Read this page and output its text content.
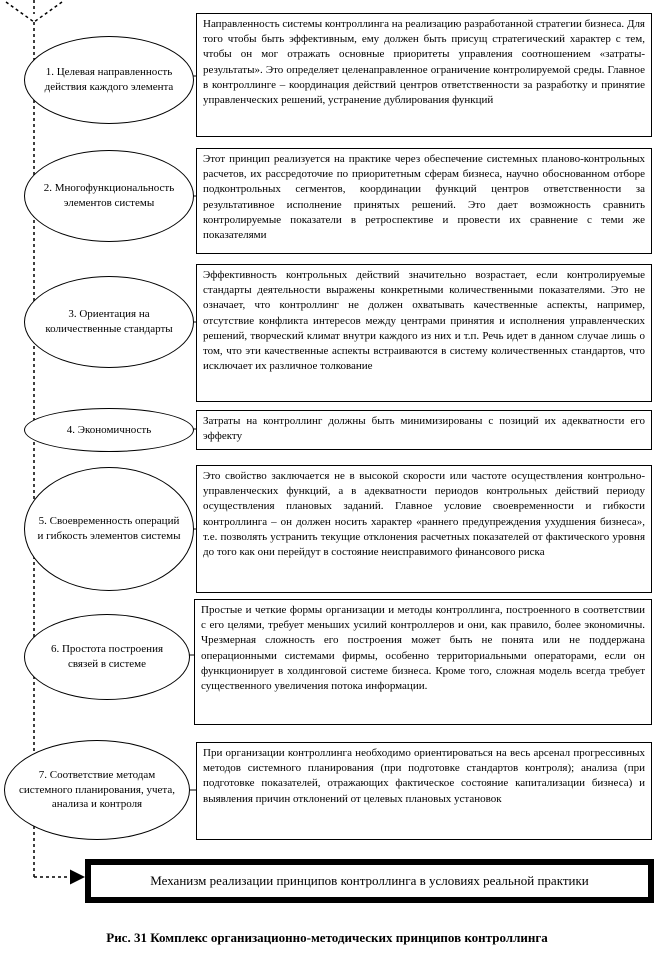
1. Целевая направленность действия каждого элемента
Направленность системы контроллинга на реализацию разработанной стратегии бизнеса. Для того чтобы быть эффективным, ему должен быть присущ стратегический характер с тем, чтобы он мог отражать основные приоритеты управления соотношением «затраты-результаты». Это определяет целенаправленное ограничение контролируемой среды. Главное в контроллинге – координация действий центров ответственности за разработку и принятие управленческих решений, устранение дублирования функций
2. Многофункциональность элементов системы
Этот принцип реализуется на практике через обеспечение системных планово-контрольных расчетов, их рассредоточие по приоритетным сферам бизнеса, научно обоснованном отборе подконтрольных сегментов, координации функций центров ответственности за результативное исполнение принятых решений. Это дает возможность сравнить контролируемые показатели в ретроспективе и провести их сравнение с теми же показателями
3. Ориентация на количественные стандарты
Эффективность контрольных действий значительно возрастает, если контролируемые стандарты деятельности выражены конкретными количественными показателями. Это не означает, что контроллинг не должен охватывать качественные аспекты, например, отсутствие конфликта интересов между центрами принятия и исполнения управленческих решений, творческий климат внутри каждого из них и т.п. Речь идет в данном случае лишь о том, что эти качественные аспекты встраиваются в систему количественных стандартов, что исключает их различное толкование
4. Экономичность
Затраты на контроллинг должны быть минимизированы с позиций их адекватности его эффекту
5. Своевременность операций и гибкость элементов системы
Это свойство заключается не в высокой скорости или частоте осуществления контрольно-управленческих функций, а в адекватности периодов контрольных действий периоду осуществления плановых заданий. Главное условие своевременности и гибкости контроллинга – он должен носить характер «раннего предупреждения ухудшения бизнеса», т.е. позволять устранить текущие отклонения расчетных показателей от фактического уровня до того как они перейдут в состояние неисправимого финансового риска
6. Простота построения связей в системе
Простые и четкие формы организации и методы контроллинга, построенного в соответствии с его целями, требует меньших усилий контроллеров и они, как правило, более экономичны. Чрезмерная сложность его построения может быть не понята или не поддержана операционными системами фирмы, особенно территориальными операторами, если он функционирует в холдинговой системе бизнеса. Кроме того, сложная модель всегда требует существенного увеличения потока информации.
7. Соответствие методам системного планирования, учета, анализа и контроля
При организации контроллинга необходимо ориентироваться на весь арсенал прогрессивных методов системного планирования (при подготовке стандартов контроля); анализа (при подготовке показателей, отражающих фактическое состояние капитализации бизнеса) и выявления причин отклонений от целевых плановых установок
Механизм реализации принципов контроллинга в условиях реальной практики
Рис. 31 Комплекс организационно-методических принципов контроллинга
